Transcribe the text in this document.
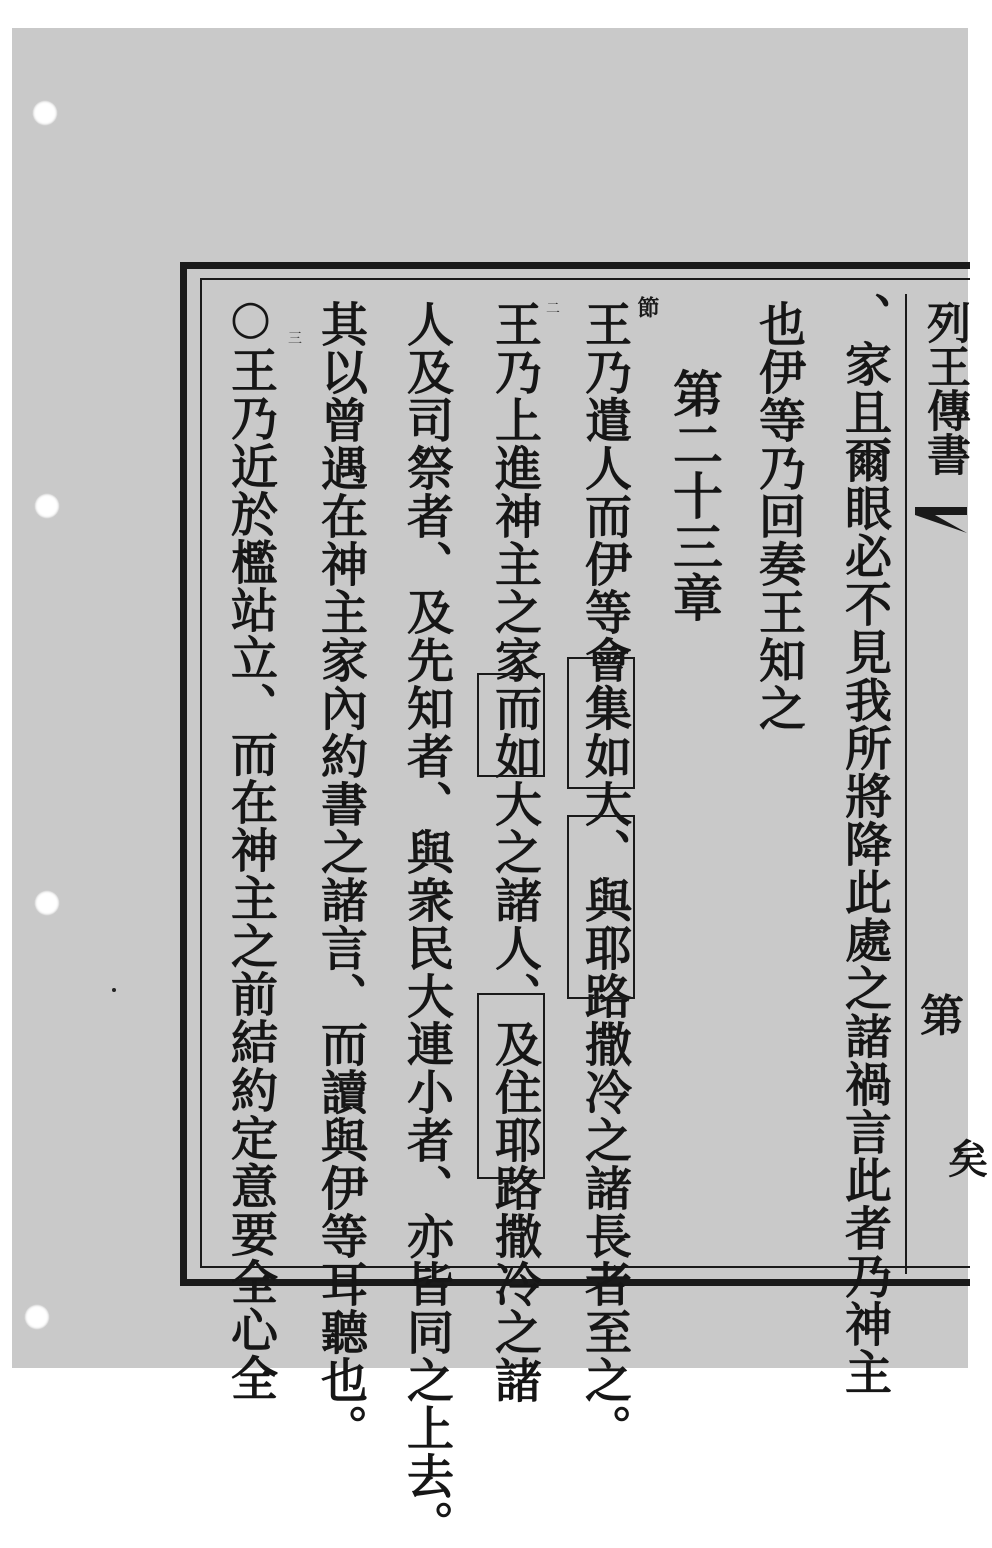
列王傳書
第
矣
、家且爾眼必不見我所將降此處之諸禍言此者乃神主
也伊等乃回奏王知之
第二十三章
王乃遣人而伊等會集如大、與耶路撒冷之諸長者至之。
王乃上進神主之家而如大之諸人、及住耶路撒冷之諸
人及司祭者、及先知者、與衆民大連小者、亦皆同之上去。
其以曾遇在神主家內約書之諸言、而讀與伊等耳聽也。
○王乃近於檻站立、而在神主之前結約定意要全心全	節
二
三
